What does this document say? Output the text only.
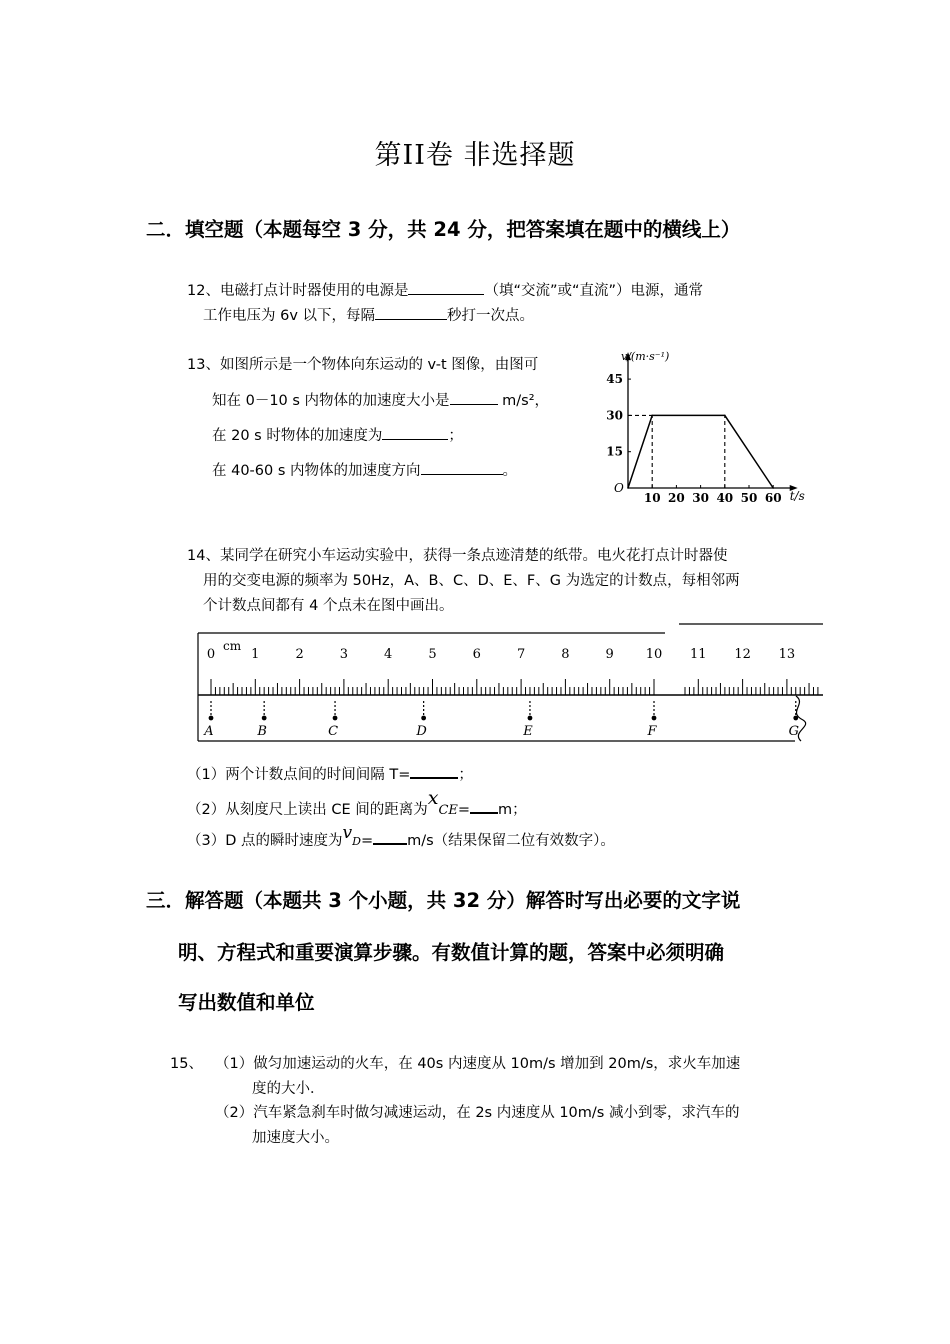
第II卷 非选择题
二．填空题（本题每空 3 分，共 24 分，把答案填在题中的横线上）
12、电磁打点计时器使用的电源是	（填“交流”或“直流”）电源，通常
工作电压为 6v 以下，每隔	秒打一次点。
13、如图所示是一个物体向东运动的 v-t 图像，由图可
知在 0－10 s 内物体的加速度大小是	m/s²，
在 20 s 时物体的加速度为	；
在 40-60 s 内物体的加速度方向	。
t/s
v/(m·s⁻¹)
O
10 20 30 40 50 60
15
30
45
14、某同学在研究小车运动实验中，获得一条点迹清楚的纸带。电火花打点计时器使
用的交变电源的频率为 50Hz，A、B、C、D、E、F、G 为选定的计数点，每相邻两
个计数点间都有 4 个点未在图中画出。
cm
0	1	2	3	4	5	6	7	8	9 10 11 12 13
A	B	C	D	E	F	G
（1）两个计数点间的时间间隔 T=	；
（2）从刻度尺上读出 CE 间的距离为xCE= m；
（3）D 点的瞬时速度为vD= m/s（结果保留二位有效数字）。
三．解答题（本题共 3 个小题，共 32 分）解答时写出必要的文字说
明、方程式和重要演算步骤。有数值计算的题，答案中必须明确
写出数值和单位
15、 （1）做匀加速运动的火车，在 40s 内速度从 10m/s 增加到 20m/s，求火车加速
度的大小．
（2）汽车紧急刹车时做匀减速运动，在 2s 内速度从 10m/s 减小到零，求汽车的
加速度大小。
